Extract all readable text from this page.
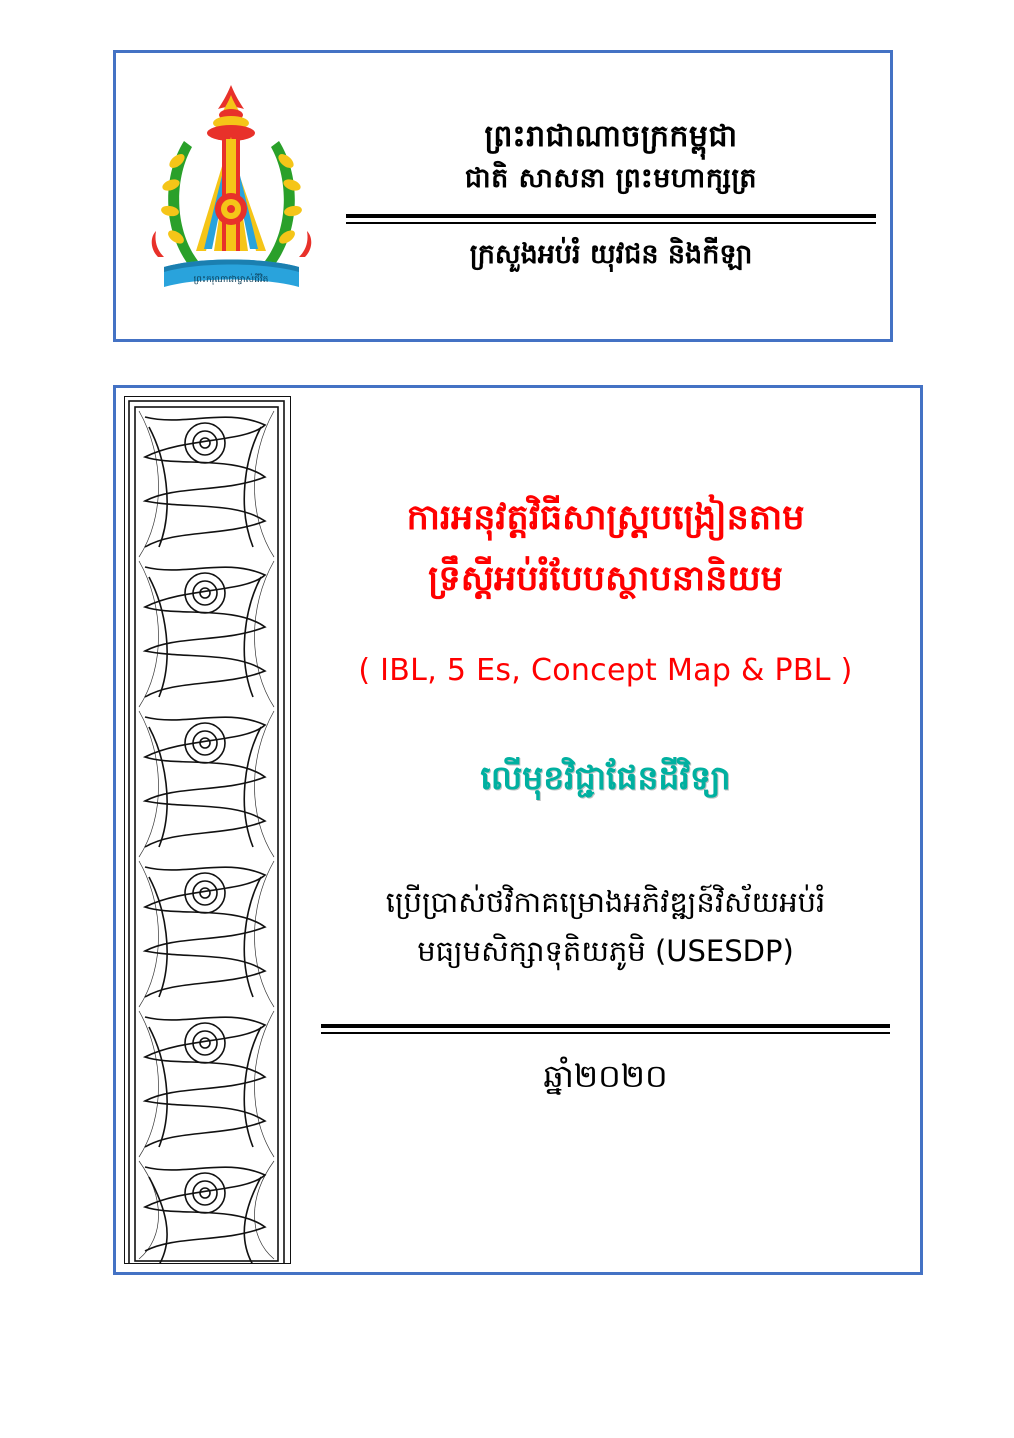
ព្រះករុណាជាម្ចាស់ជីវិត
ព្រះរាជាណាចក្រកម្ពុជា
ជាតិ សាសនា ព្រះមហាក្សត្រ
ក្រសួងអប់រំ យុវជន និងកីឡា
ការអនុវត្តវិធីសាស្ត្របង្រៀនតាម
ទ្រឹស្តីអប់រំបែបស្ថាបនានិយម
( IBL, 5 Es, Concept Map & PBL )
លើមុខវិជ្ជាផែនដីវិទ្យា
ប្រើប្រាស់ថវិកាគម្រោងអភិវឌ្ឍន៍វិស័យអប់រំ
មធ្យមសិក្សាទុតិយភូមិ (USESDP)
ឆ្នាំ២០២០
